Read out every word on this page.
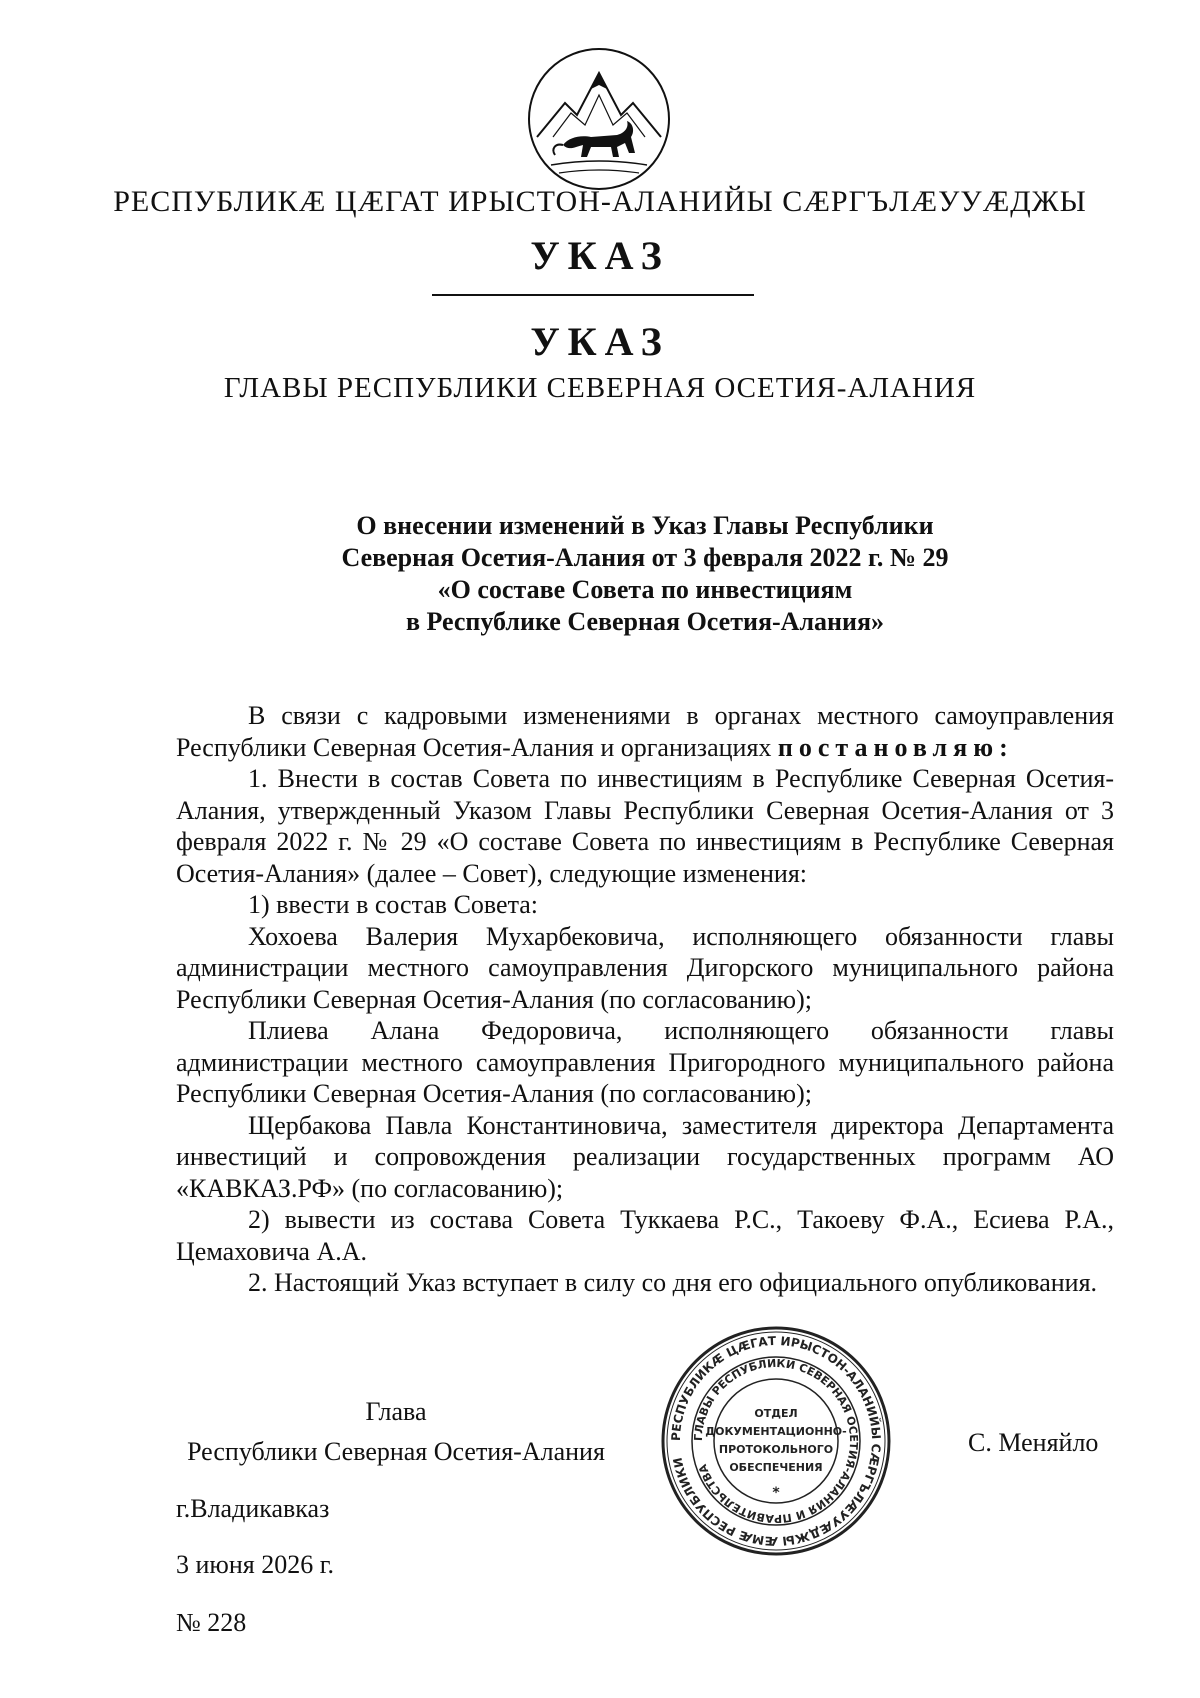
РЕСПУБЛИКÆ ЦÆГАТ ИРЫСТОН-АЛАНИЙЫ СÆРГЪЛÆУУÆДЖЫ
УКАЗ
УКАЗ
ГЛАВЫ РЕСПУБЛИКИ СЕВЕРНАЯ ОСЕТИЯ-АЛАНИЯ
О внесении изменений в Указ Главы Республики
Северная Осетия-Алания от 3 февраля 2022 г. № 29
«О составе Совета по инвестициям
в Республике Северная Осетия-Алания»

В связи с кадровыми изменениями в органах местного самоуправления Республики Северная Осетия-Алания и организациях постановляю:

1. Внести в состав Совета по инвестициям в Республике Северная Осетия-Алания, утвержденный Указом Главы Республики Северная Осетия-Алания от 3 февраля 2022 г. № 29 «О составе Совета по инвестициям в Республике Северная Осетия-Алания» (далее – Совет), следующие изменения:

1) ввести в состав Совета:

Хохоева Валерия Мухарбековича, исполняющего обязанности главы администрации местного самоуправления Дигорского муниципального района Республики Северная Осетия-Алания (по согласованию);

Плиева Алана Федоровича, исполняющего обязанности главы администрации местного самоуправления Пригородного муниципального района Республики Северная Осетия-Алания (по согласованию);

Щербакова Павла Константиновича, заместителя директора Департамента инвестиций и сопровождения реализации государственных программ АО «КАВКАЗ.РФ» (по согласованию);

2) вывести из состава Совета Туккаева Р.С., Такоеву Ф.А., Есиева Р.А., Цемаховича А.А.

2. Настоящий Указ вступает в силу со дня его официального опубликования.

Глава
Республики Северная Осетия-Алания
РЕСПУБЛИКÆ ЦÆГАТ ИРЫСТОН-АЛАНИЙЫ СÆРГЪЛÆУУÆДЖЫ ÆМÆ РЕСПУБЛИКИ
ГЛАВЫ РЕСПУБЛИКИ СЕВЕРНАЯ ОСЕТИЯ-АЛАНИЯ И ПРАВИТЕЛЬСТВА
ОТДЕЛ
ДОКУМЕНТАЦИОННО-
ПРОТОКОЛЬНОГО
ОБЕСПЕЧЕНИЯ
*
С. Меняйло
г.Владикавказ
3 июня 2026 г.
№ 228
